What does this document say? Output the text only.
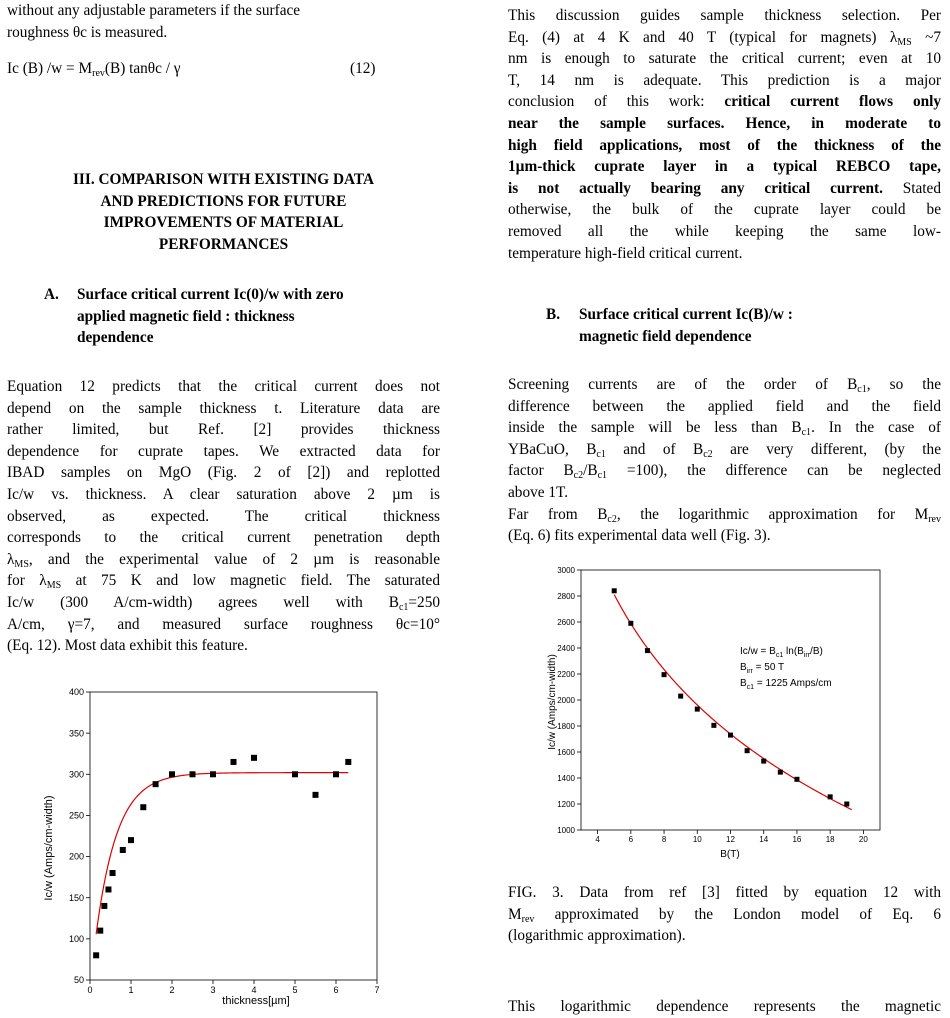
without any adjustable parameters if the surface

roughness θc is measured.

Ic (B) $/w = M_{rev}(B)$ tanθc / γ	(12)
III. COMPARISON WITH EXISTING DATA
AND PREDICTIONS FOR FUTURE
IMPROVEMENTS OF MATERIAL
PERFORMANCES
A.	Surface critical current Ic(0)/w with zero
applied magnetic field : thickness
dependence
Equation 12 predicts that the critical current does not
depend on the sample thickness t. Literature data are
rather limited, but Ref. [2] provides thickness
dependence for cuprate tapes. We extracted data for
IBAD samples on MgO (Fig. 2 of [2]) and replotted
Ic/w vs. thickness. A clear saturation above 2 µm is
observed, as expected. The critical thickness
corresponds to the critical current penetration depth
$\lambda_{MS}$, and the experimental value of 2 µm is reasonable
for $\lambda_{MS}$ at 75 K and low magnetic field. The saturated
Ic/w (300 A/cm-width) agrees well with $B_{c1}=250$
A/cm, γ=7, and measured surface roughness θc=10°
(Eq. 12). Most data exhibit this feature.
0	1	2	3	4	5	6	7
50
100
150
200
250
300
350
400
thickness[µm]
Ic/w (Amps/cm-width)
This discussion guides sample thickness selection. Per
Eq. (4) at 4 K and 40 T (typical for magnets) $\lambda_{MS}$ ~7
nm is enough to saturate the critical current; even at 10
T, 14 nm is adequate. This prediction is a major
conclusion of this work: critical current flows only
near the sample surfaces. Hence, in moderate to
high field applications, most of the thickness of the
1µm-thick cuprate layer in a typical REBCO tape,
is not actually bearing any critical current. Stated
otherwise, the bulk of the cuprate layer could be
removed all the while keeping the same low-
temperature high-field critical current.
B.	Surface critical current Ic(B)/w :
magnetic field dependence
Screening currents are of the order of $B_{c1}$, so the
difference between the applied field and the field
inside the sample will be less than $B_{c1}$. In the case of
YBaCuO, $B_{c1}$ and of $B_{c2}$ are very different, (by the
factor $B_{c2}/B_{c1} =100$), the difference can be neglected
above 1T.
Far from $B_{c2}$, the logarithmic approximation for $M_{rev}$
(Eq. 6) fits experimental data well (Fig. 3).
FIG. 3. Data from ref [3] fitted by equation 12 with
$M_{rev}$ approximated by the London model of Eq. 6
(logarithmic approximation).
This logarithmic dependence represents the magnetic
4	6	8	10	12	14	16	18	20
1000
1200
1400
1600
1800
2000
2200
2400
2600
2800
3000
B(T)
Ic/w (Amps/cm-width)
$Ic/w = B_{c1}$ $\ln(B_{irr}/B)$
$B_{irr} = 50$ T
$B_{c1} = 1225$ Amps/cm
